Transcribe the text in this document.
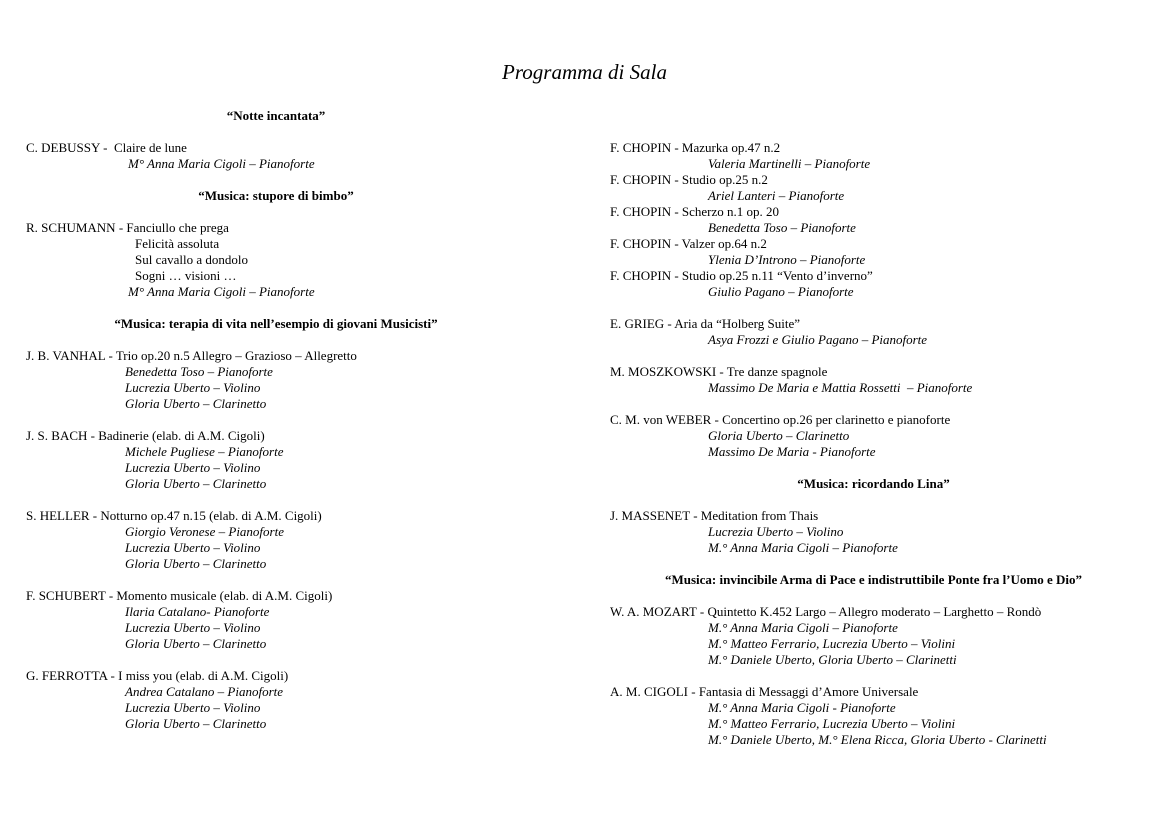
Programma di Sala
“Notte incantata”
C. DEBUSSY -  Claire de lune
M° Anna Maria Cigoli – Pianoforte
“Musica: stupore di bimbo”
R. SCHUMANN - Fanciullo che prega
Felicità assoluta
Sul cavallo a dondolo
Sogni … visioni …
M° Anna Maria Cigoli – Pianoforte
“Musica: terapia di vita nell’esempio di giovani Musicisti”
J. B. VANHAL - Trio op.20 n.5 Allegro – Grazioso – Allegretto
Benedetta Toso – Pianoforte
Lucrezia Uberto – Violino
Gloria Uberto – Clarinetto
J. S. BACH - Badinerie (elab. di A.M. Cigoli)
Michele Pugliese – Pianoforte
Lucrezia Uberto – Violino
Gloria Uberto – Clarinetto
S. HELLER - Notturno op.47 n.15 (elab. di A.M. Cigoli)
Giorgio Veronese – Pianoforte
Lucrezia Uberto – Violino
Gloria Uberto – Clarinetto
F. SCHUBERT - Momento musicale (elab. di A.M. Cigoli)
Ilaria Catalano- Pianoforte
Lucrezia Uberto – Violino
Gloria Uberto – Clarinetto
G. FERROTTA - I miss you (elab. di A.M. Cigoli)
Andrea Catalano – Pianoforte
Lucrezia Uberto – Violino
Gloria Uberto – Clarinetto
F. CHOPIN - Mazurka op.47 n.2
Valeria Martinelli – Pianoforte
F. CHOPIN - Studio op.25 n.2
Ariel Lanteri – Pianoforte
F. CHOPIN - Scherzo n.1 op. 20
Benedetta Toso – Pianoforte
F. CHOPIN - Valzer op.64 n.2
Ylenia D’Introno – Pianoforte
F. CHOPIN - Studio op.25 n.11 “Vento d’inverno”
Giulio Pagano – Pianoforte
E. GRIEG - Aria da “Holberg Suite”
Asya Frozzi e Giulio Pagano – Pianoforte
M. MOSZKOWSKI - Tre danze spagnole
Massimo De Maria e Mattia Rossetti  – Pianoforte
C. M. von WEBER - Concertino op.26 per clarinetto e pianoforte
Gloria Uberto – Clarinetto
Massimo De Maria - Pianoforte
“Musica: ricordando Lina”
J. MASSENET - Meditation from Thais
Lucrezia Uberto – Violino
M.° Anna Maria Cigoli – Pianoforte
“Musica: invincibile Arma di Pace e indistruttibile Ponte fra l’Uomo e Dio”
W. A. MOZART - Quintetto K.452 Largo – Allegro moderato – Larghetto – Rondò
M.° Anna Maria Cigoli – Pianoforte
M.° Matteo Ferrario, Lucrezia Uberto – Violini
M.° Daniele Uberto, Gloria Uberto – Clarinetti
A. M. CIGOLI - Fantasia di Messaggi d’Amore Universale
M.° Anna Maria Cigoli - Pianoforte
M.° Matteo Ferrario, Lucrezia Uberto – Violini
M.° Daniele Uberto, M.° Elena Ricca, Gloria Uberto - Clarinetti
